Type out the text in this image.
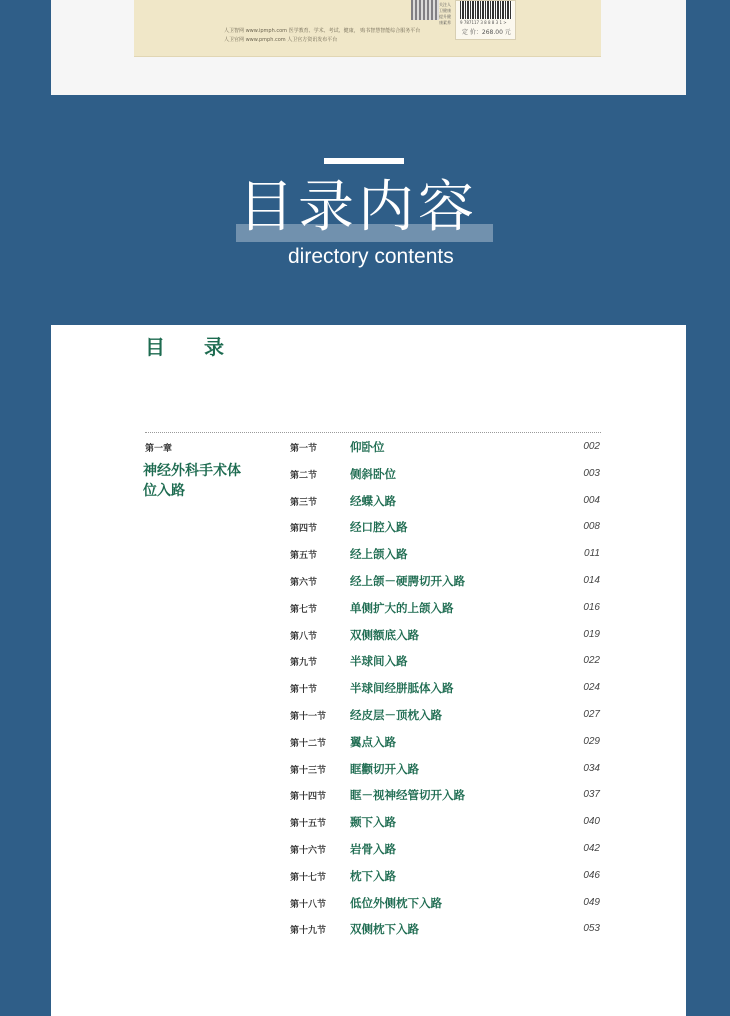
人卫智网 www.ipmph.com 医学教育、学术、考试、健康， 购书智慧智能综合服务平台
人卫官网 www.pmph.com 人卫官方资讯发布平台
关注人卫健康 提升健康素养	9 787117 3 8 8 8 3 1 >
定 价：268.00 元
目录内容
directory contents
目 录
第一章
神经外科手术体位入路
第一节	仰卧位	002
第二节	侧斜卧位	003
第三节	经蝶入路	004
第四节	经口腔入路	008
第五节	经上颌入路	011
第六节	经上颌－硬腭切开入路	014
第七节	单侧扩大的上颌入路	016
第八节	双侧额底入路	019
第九节	半球间入路	022
第十节	半球间经胼胝体入路	024
第十一节 经皮层－顶枕入路	027
第十二节 翼点入路	029
第十三节 眶颧切开入路	034
第十四节 眶－视神经管切开入路	037
第十五节 颞下入路	040
第十六节 岩骨入路	042
第十七节 枕下入路	046
第十八节 低位外侧枕下入路	049
第十九节 双侧枕下入路	053
